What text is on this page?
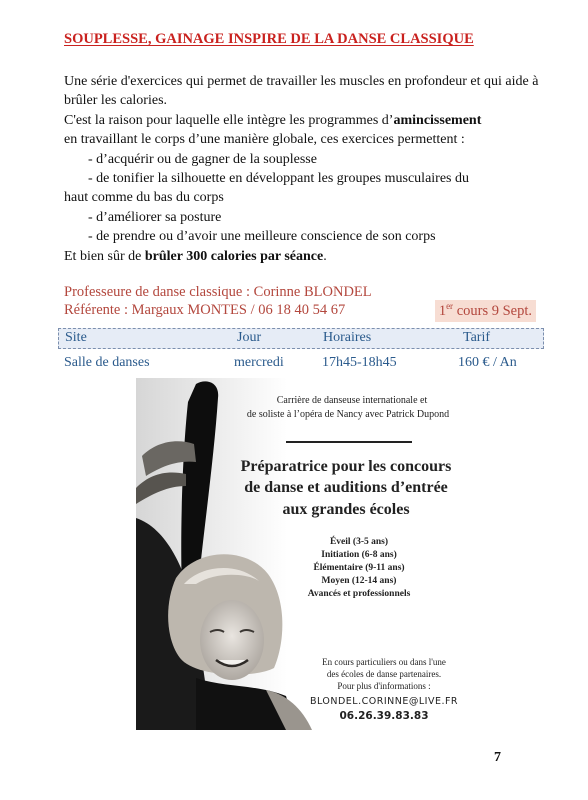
SOUPLESSE, GAINAGE INSPIRE DE LA DANSE CLASSIQUE

Une série d'exercices qui permet de travailler les muscles en profondeur et qui aide à brûler les calories.

C'est la raison pour laquelle elle intègre les programmes d’amincissement

en travaillant le corps d’une manière globale, ces exercices permettent :

- d’acquérir ou de gagner de la souplesse

- de tonifier la silhouette en développant les groupes musculaires du

haut comme du bas du corps

- d’améliorer sa posture

- de prendre ou d’avoir une meilleure conscience de son corps

Et bien sûr de brûler 300 calories par séance.

Professeure de danse classique : Corinne BLONDEL
Référente : Margaux MONTES / 06 18 40 54 67	1er cours 9 Sept.
Site	Jour	Horaires	Tarif
Salle de danses	mercredi	17h45-18h45	160 € / An
Carrière de danseuse internationale et
de soliste à l’opéra de Nancy avec Patrick Dupond
Préparatrice pour les concours
de danse et auditions d’entrée
aux grandes écoles
Éveil (3-5 ans)
Initiation (6-8 ans)
Élémentaire (9-11 ans)
Moyen (12-14 ans)
Avancés et professionnels
En cours particuliers ou dans l'une
des écoles de danse partenaires.
Pour plus d'informations :
BLONDEL.CORINNE@LIVE.FR
06.26.39.83.83
7
